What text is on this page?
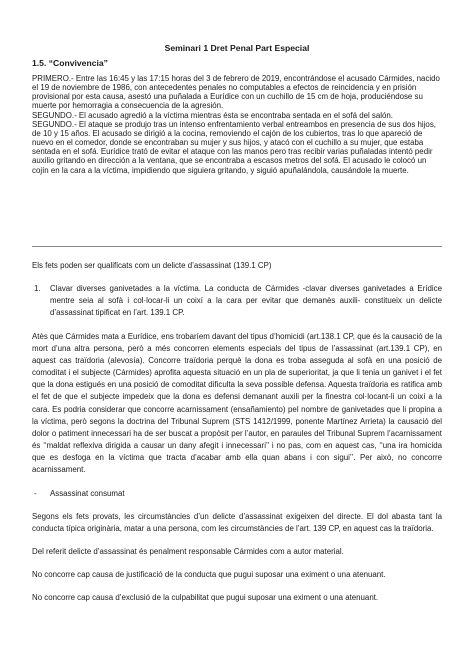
Seminari 1 Dret Penal Part Especial
1.5. “Convivencia”

PRIMERO.- Entre las 16:45 y las 17:15 horas del 3 de febrero de 2019, encontrándose el acusado Cármides, nacido el 19 de noviembre de 1986, con antecedentes penales no computables a efectos de reincidencia y en prisión provisional por esta causa, asestó una puñalada a Eurídice con un cuchillo de 15 cm de hoja, produciéndose su muerte por hemorragia a consecuencia de la agresión.

SEGUNDO.- El acusado agredió a la víctima mientras ésta se encontraba sentada en el sofá del salón.

SEGUNDO.- El ataque se produjo tras un intenso enfrentamiento verbal entreambos en presencia de sus dos hijos, de 10 y 15 años. El acusado se dirigió a la cocina, removiendo el cajón de los cubiertos, tras lo que apareció de nuevo en el comedor, donde se encontraban su mujer y sus hijos, y atacó con el cuchillo a su mujer, que estaba sentada en el sofá. Eurídice trató de evitar el ataque con las manos pero tras recibir varias puñaladas intentó pedir auxilio gritando en dirección a la ventana, que se encontraba a escasos metros del sofá. El acusado le colocó un cojín en la cara a la víctima, impidiendo que siguiera gritando, y siguió apuñalándola, causándole la muerte.

Els fets poden ser qualificats com un delicte d’assassinat (139.1 CP)

1.	Clavar diverses ganivetades a la víctima. La conducta de Cármides -clavar diverses ganivetades a Erídice mentre seia al sofà i col·locar-li un coixí a la cara per evitar que demanès auxili- constitueix un delicte d’assassinat tipificat en l’art. 139.1 CP.

Atès que Cármides mata a Eurídice, ens trobaríem davant del tipus d’homicidi (art.138.1 CP, que és la causació de la mort d’una altra persona, però a més concorren elements especials del tipus de l’assassinat (art.139.1 CP), en aquest cas traïdoria (alevosía). Concorre traïdoria perquè la dona es troba asseguda al sofà en una posició de comoditat i el subjecte (Cármides) aprofita aquesta situació en un pla de superioritat, ja que li tenia un ganivet i el fet que la dona estigués en una posició de comoditat dificulta la seva possible defensa. Aquesta traïdoria es ratifica amb el fet de que el subjecte impedeix que la dona es defensi demanant auxili per la finestra col·locant-li un coixí a la cara. Es podria considerar que concorre acarnissament (ensañamiento) pel nombre de ganivetades que li propina a la víctima, però segons la doctrina del Tribunal Suprem (STS 1412/1999, ponente Martínez Arrieta) la causació del dolor o patiment innecessari ha de ser buscat a propòsit per l’autor, en paraules del Tribunal Suprem l’acarnissament és ‘‘maldat reflexiva dirigida a causar un dany afegit i innecessari’’ i no pas, com en aquest cas, ‘‘una ira homicida que es desfoga en la víctima que tracta d’acabar amb ella quan abans i con sigui’’. Per això, no concorre acarnissament.

-	Assassinat consumat

Segons els fets provats, les circumstàncies d’un delicte d’assassinat exigeixen del directe. El dol abasta tant la conducta típica originària, matar a una persona, com les circumstàncies de l’art. 139 CP, en aquest cas la traïdoria.

Del referit delicte d’assassinat és penalment responsable Cármides com a autor material.

No concorre cap causa de justificació de la conducta que pugui suposar una eximent o una atenuant.

No concorre cap causa d’exclusió de la culpabilitat que pugui suposar una eximent o una atenuant.
